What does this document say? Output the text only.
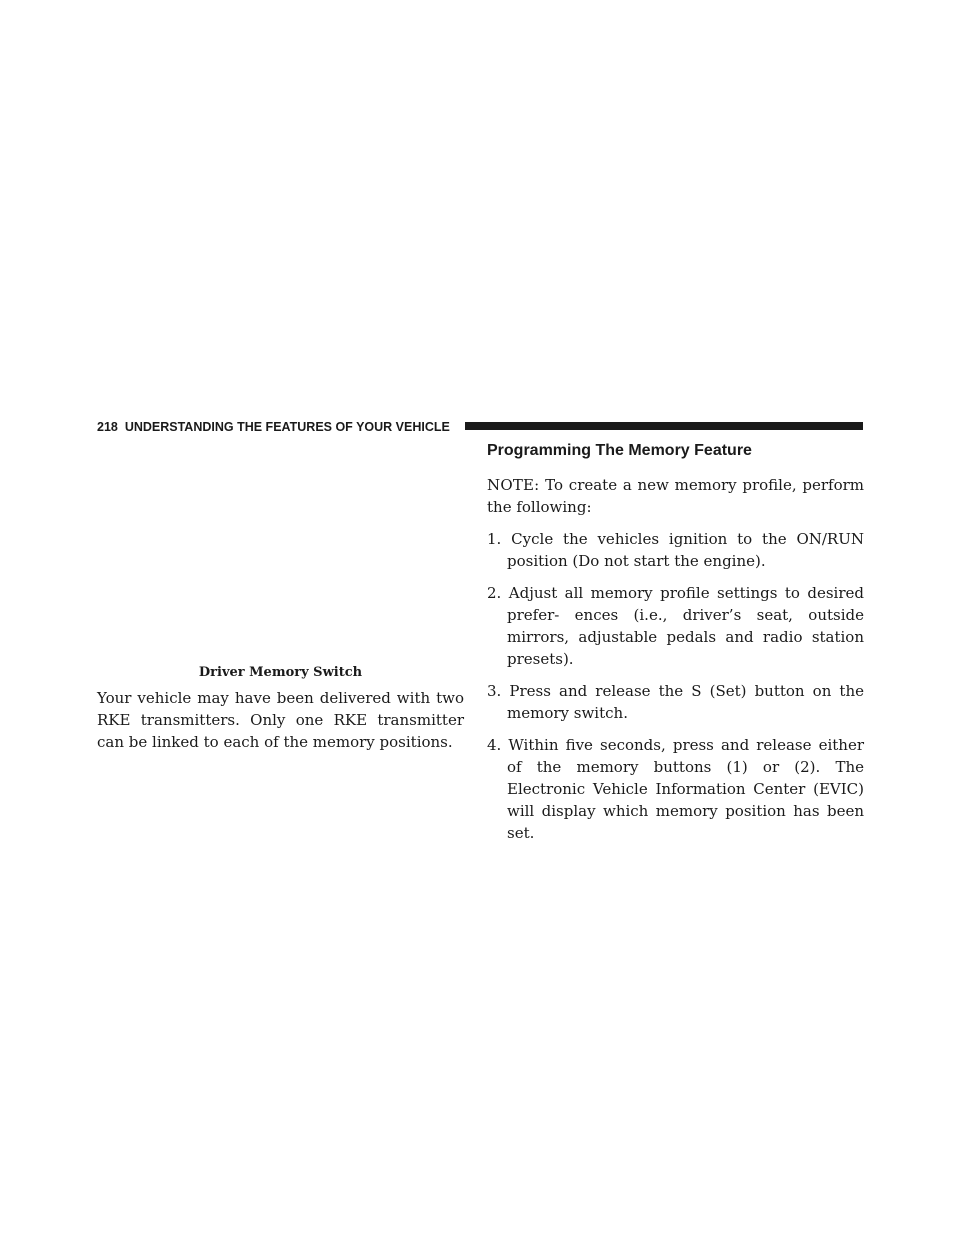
218 UNDERSTANDING THE FEATURES OF YOUR VEHICLE
Driver Memory Switch

Your vehicle may have been delivered with two RKE transmitters. Only one RKE transmitter can be linked to each of the memory positions.

Programming The Memory Feature

NOTE: To create a new memory profile, perform the following:

1. Cycle the vehicles ignition to the ON/RUN position (Do not start the engine).
2. Adjust all memory profile settings to desired prefer- ences (i.e., driver’s seat, outside mirrors, adjustable pedals and radio station presets).
3. Press and release the S (Set) button on the memory switch.
4. Within five seconds, press and release either of the memory buttons (1) or (2). The Electronic Vehicle Information Center (EVIC) will display which memory position has been set.
